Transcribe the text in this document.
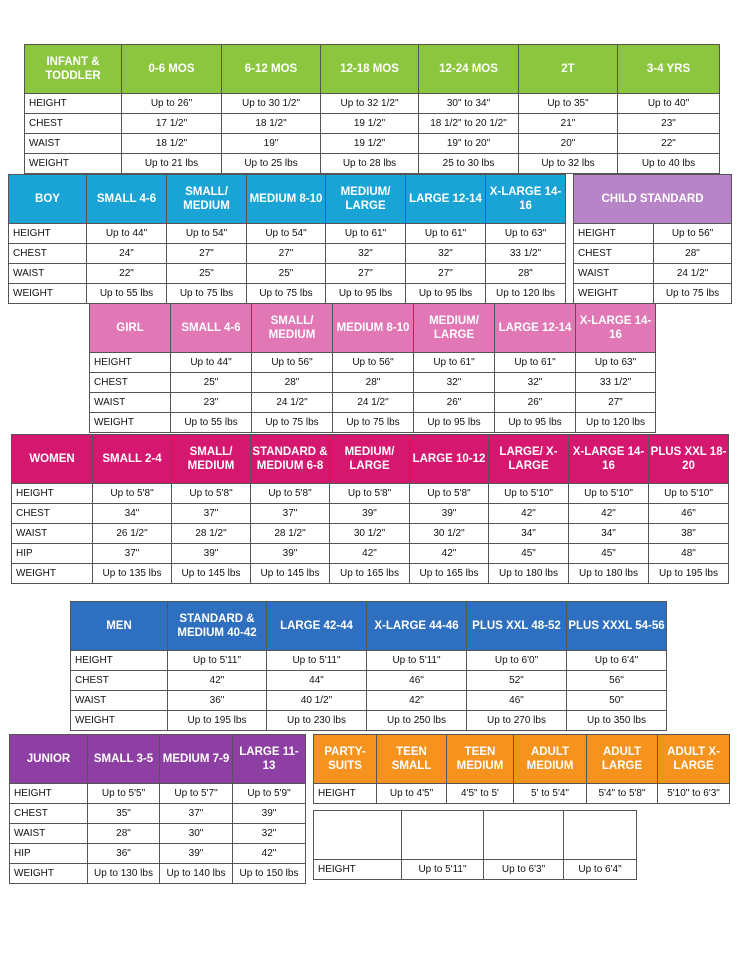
INFANT & TODDLER	0-6 MOS	6-12 MOS	12-18 MOS	12-24 MOS	2T	3-4 YRS
HEIGHT	Up to 26"	Up to 30 1/2"	Up to 32 1/2"	30" to 34"	Up to 35"	Up to 40"
CHEST	17 1/2"	18 1/2"	19 1/2"	18 1/2" to 20 1/2"	21"	23"
WAIST	18 1/2"	19"	19 1/2"	19" to 20"	20"	22"
WEIGHT	Up to 21 lbs	Up to 25 lbs	Up to 28 lbs	25 to 30 lbs	Up to 32 lbs	Up to 40 lbs
BOY	SMALL 4-6	SMALL/ MEDIUM	MEDIUM 8-10	MEDIUM/ LARGE	LARGE 12-14	X-LARGE 14-16
HEIGHT	Up to 44"	Up to 54"	Up to 54"	Up to 61"	Up to 61"	Up to 63"
CHEST	24"	27"	27"	32"	32"	33 1/2"
WAIST	22"	25"	25"	27"	27"	28"
WEIGHT	Up to 55 lbs	Up to 75 lbs	Up to 75 lbs	Up to 95 lbs	Up to 95 lbs	Up to 120 lbs
CHILD STANDARD	
HEIGHT	Up to 56"
CHEST	28"
WAIST	24 1/2"
WEIGHT	Up to 75 lbs
GIRL	SMALL 4-6	SMALL/ MEDIUM	MEDIUM 8-10	MEDIUM/ LARGE	LARGE 12-14	X-LARGE 14-16
HEIGHT	Up to 44"	Up to 56"	Up to 56"	Up to 61"	Up to 61"	Up to 63"
CHEST	25"	28"	28"	32"	32"	33 1/2"
WAIST	23"	24 1/2"	24 1/2"	26"	26"	27"
WEIGHT	Up to 55 lbs	Up to 75 lbs	Up to 75 lbs	Up to 95 lbs	Up to 95 lbs	Up to 120 lbs
WOMEN	SMALL 2-4	SMALL/ MEDIUM	STANDARD & MEDIUM 6-8	MEDIUM/ LARGE	LARGE 10-12	LARGE/ X-LARGE	X-LARGE 14-16	PLUS XXL 18-20
HEIGHT	Up to 5'8"	Up to 5'8"	Up to 5'8"	Up to 5'8"	Up to 5'8"	Up to 5'10"	Up to 5'10"	Up to 5'10"
CHEST	34"	37"	37"	39"	39"	42"	42"	46"
WAIST	26 1/2"	28 1/2"	28 1/2"	30 1/2"	30 1/2"	34"	34"	38"
HIP	37"	39"	39"	42"	42"	45"	45"	48"
WEIGHT	Up to 135 lbs	Up to 145 lbs	Up to 145 lbs	Up to 165 lbs	Up to 165 lbs	Up to 180 lbs	Up to 180 lbs	Up to 195 lbs
MEN	STANDARD & MEDIUM 40-42	LARGE 42-44	X-LARGE 44-46	PLUS XXL 48-52	PLUS XXXL 54-56
HEIGHT	Up to 5'11"	Up to 5'11"	Up to 5'11"	Up to 6'0"	Up to 6'4"
CHEST	42"	44"	46"	52"	56"
WAIST	36"	40 1/2"	42"	46"	50"
WEIGHT	Up to 195 lbs	Up to 230 lbs	Up to 250 lbs	Up to 270 lbs	Up to 350 lbs
JUNIOR	SMALL 3-5	MEDIUM 7-9	LARGE 11-13
HEIGHT	Up to 5'5"	Up to 5'7"	Up to 5'9"
CHEST	35"	37"	39"
WAIST	28"	30"	32"
HIP	36"	39"	42"
WEIGHT	Up to 130 lbs	Up to 140 lbs	Up to 150 lbs
PARTY- SUITS	TEEN SMALL	TEEN MEDIUM	ADULT MEDIUM	ADULT LARGE	ADULT X-LARGE
HEIGHT	Up to 4'5"	4'5" to 5'	5' to 5'4"	5'4" to 5'8"	5'10" to 6'3"
ADULT ZIPSTERS	SMALL/ MEDIUM	LARGE/ X-LARGE	PLUS XXL
HEIGHT	Up to 5'11"	Up to 6'3"	Up to 6'4"
